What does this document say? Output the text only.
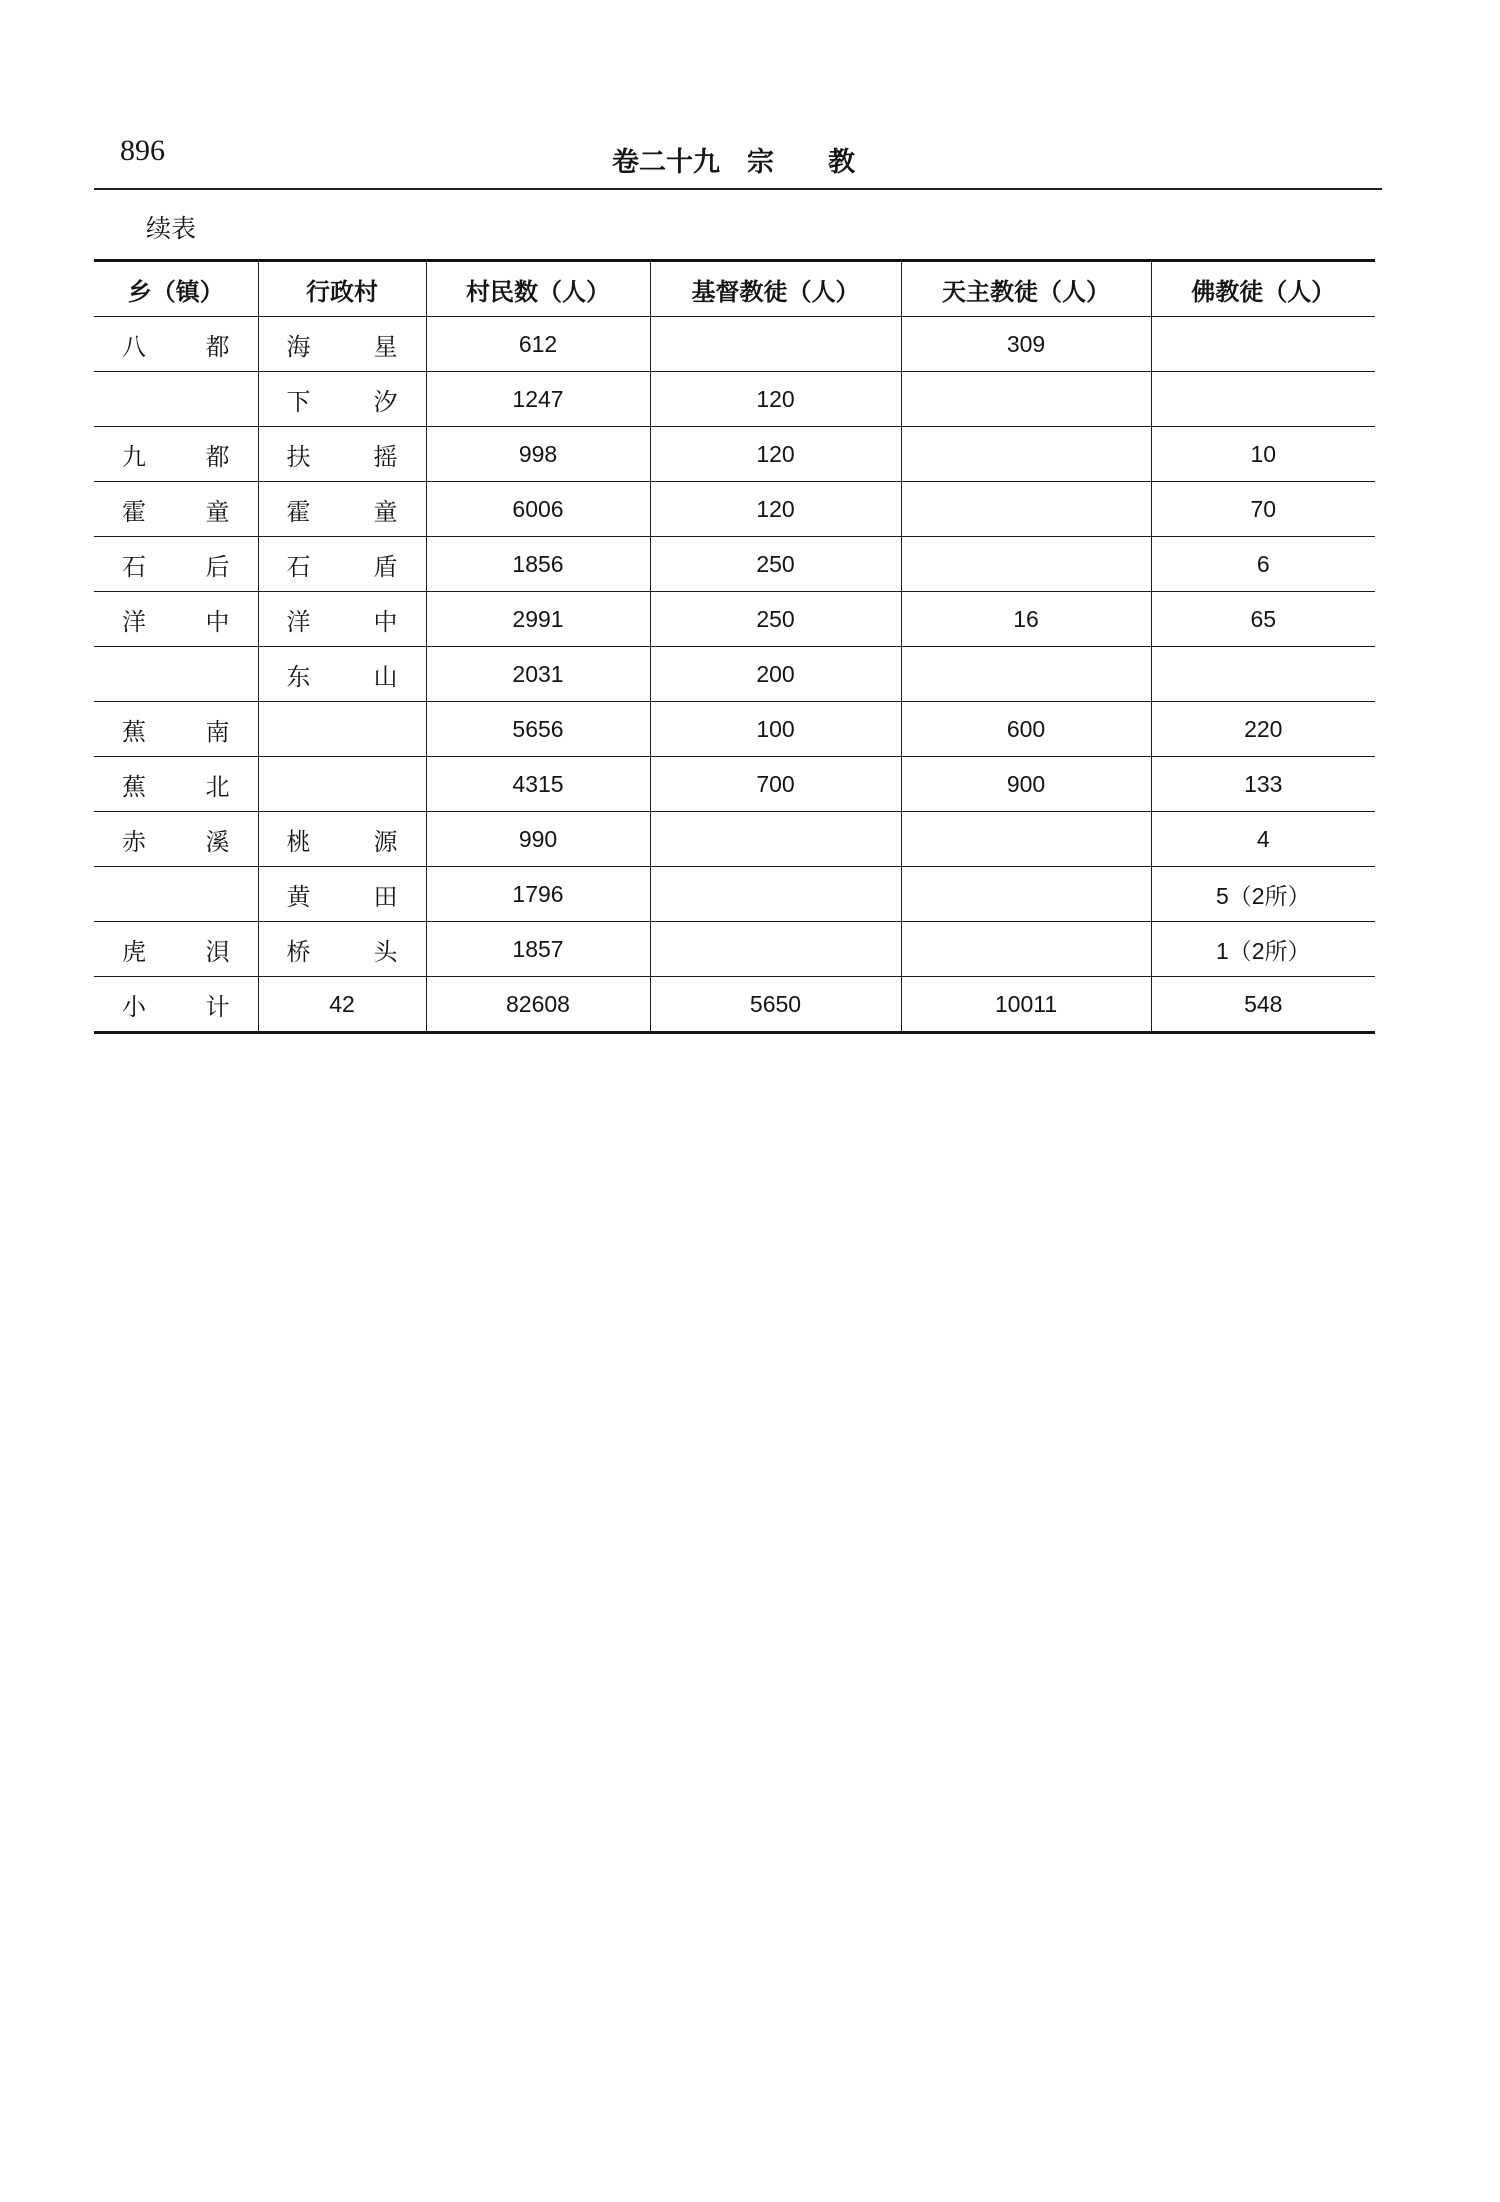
896	卷二十九　宗　　教
续表
乡（镇）	行政村	村民数（人）	基督教徒（人）	天主教徒（人）	佛教徒（人）

八 都	海 星	612		309	

	下 汐	1247	120		

九 都	扶 摇	998	120		10

霍 童	霍 童	6006	120		70

石 后	石 盾	1856	250		6

洋 中	洋 中	2991	250	16	65

	东 山	2031	200		

蕉 南		5656	100	600	220

蕉 北		4315	700	900	133

赤 溪	桃 源	990			4

	黄 田	1796			5（2所）

虎 浿	桥 头	1857			1（2所）

小 计	42	82608	5650	10011	548
